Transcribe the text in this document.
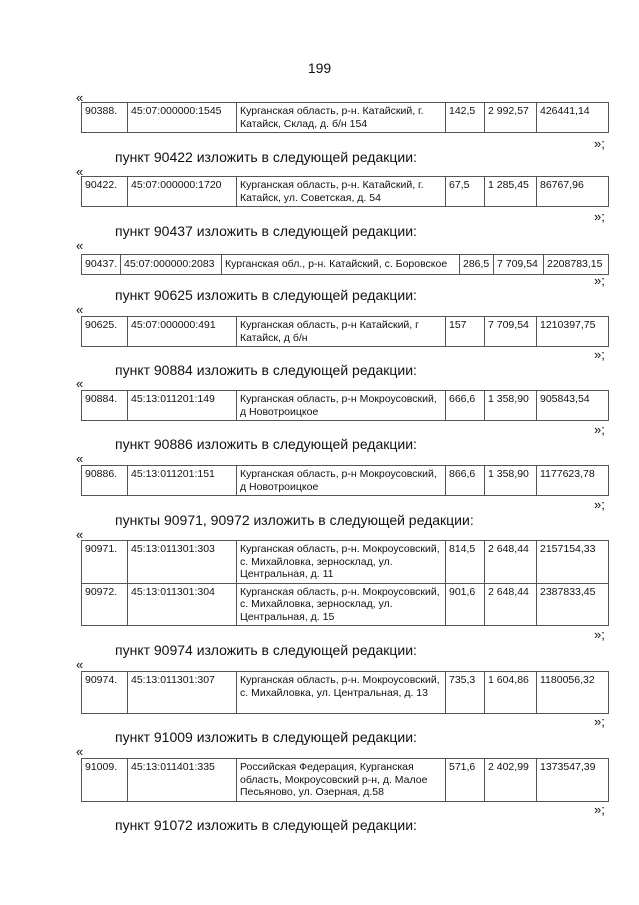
199
«
90388.	45:07:000000:1545	Курганская область, р-н. Катайский, г. Катайск, Склад, д. б/н 154	142,5	2 992,57	426441,14
»;
пункт 90422 изложить в следующей редакции:
«
90422.	45:07:000000:1720	Курганская область, р-н. Катайский, г. Катайск, ул. Советская, д. 54	67,5	1 285,45	86767,96
»;
пункт 90437 изложить в следующей редакции:
«
90437.	45:07:000000:2083	Курганская обл., р-н. Катайский, с. Боровское	286,5	7 709,54	2208783,15
»;
пункт 90625 изложить в следующей редакции:
«
90625.	45:07:000000:491	Курганская область, р-н Катайский, г Катайск, д б/н	157	7 709,54	1210397,75
»;
пункт 90884 изложить в следующей редакции:
«
90884.	45:13:011201:149	Курганская область, р-н Мокроусовский, д Новотроицкое	666,6	1 358,90	905843,54
»;
пункт 90886 изложить в следующей редакции:
«
90886.	45:13:011201:151	Курганская область, р-н Мокроусовский, д Новотроицкое	866,6	1 358,90	1177623,78
»;
пункты 90971, 90972 изложить в следующей редакции:
«
90971.	45:13:011301:303	Курганская область, р-н. Мокроусовский, с. Михайловка, зерносклад, ул. Центральная, д. 11	814,5	2 648,44	2157154,33
90972.	45:13:011301:304	Курганская область, р-н. Мокроусовский, с. Михайловка, зерносклад, ул. Центральная, д. 15	901,6	2 648,44	2387833,45
»;
пункт 90974 изложить в следующей редакции:
«
90974.	45:13:011301:307	Курганская область, р-н. Мокроусовский, с. Михайловка, ул. Центральная, д. 13	735,3	1 604,86	1180056,32
»;
пункт 91009 изложить в следующей редакции:
«
91009.	45:13:011401:335	Российская Федерация, Курганская область, Мокроусовский р-н, д. Малое Песьяново, ул. Озерная, д.58	571,6	2 402,99	1373547,39
»;
пункт 91072 изложить в следующей редакции:
